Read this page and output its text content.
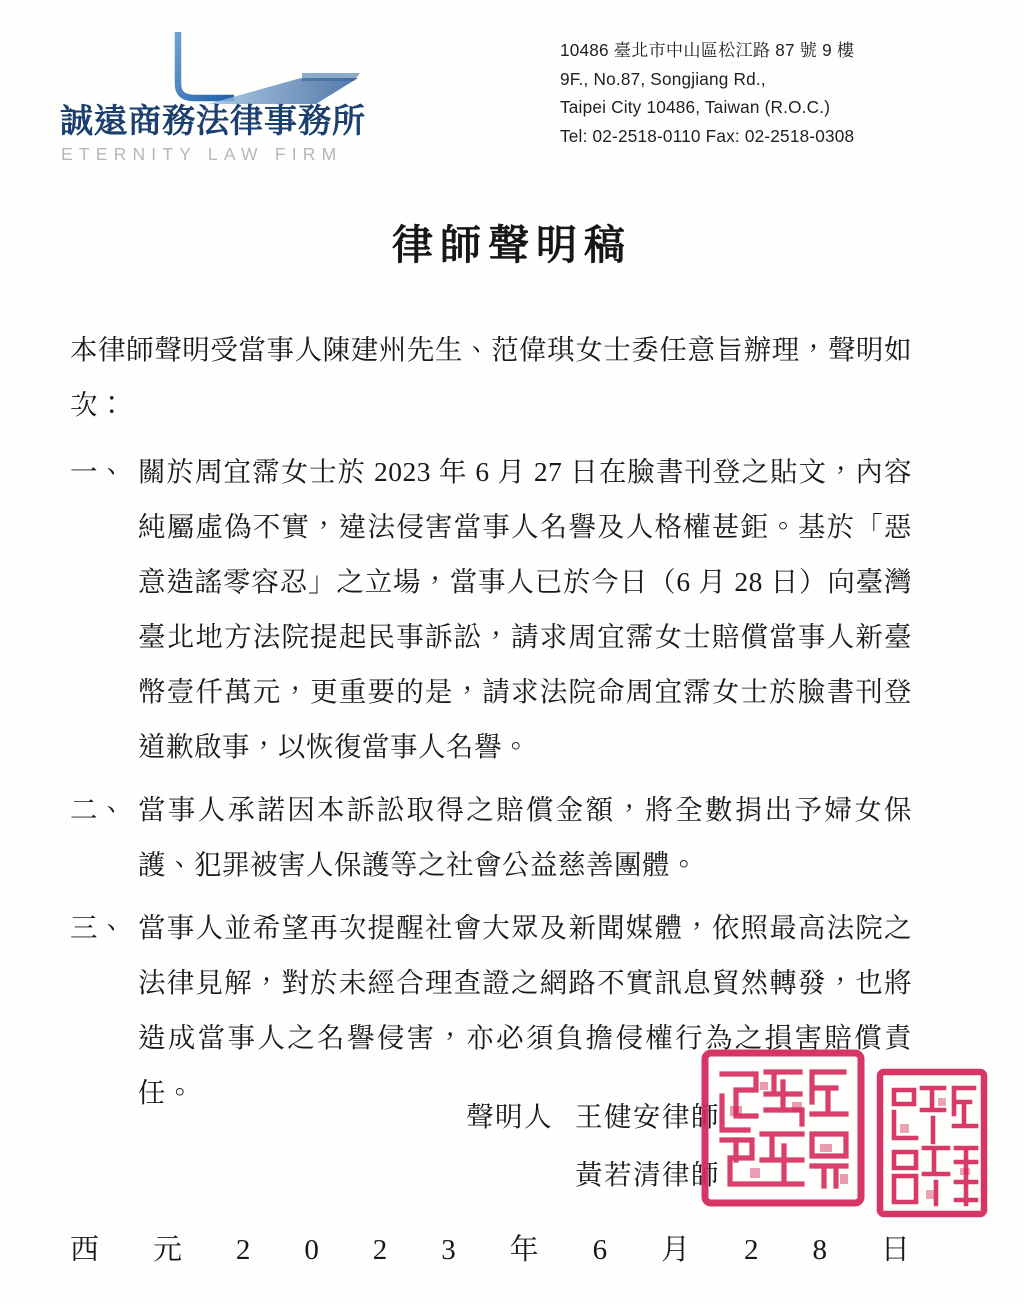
誠遠商務法律事務所
ETERNITY LAW FIRM
10486 臺北市中山區松江路 87 號 9 樓
9F., No.87, Songjiang Rd.,
Taipei City 10486, Taiwan (R.O.C.)
Tel: 02-2518-0110 Fax: 02-2518-0308
律師聲明稿

本律師聲明受當事人陳建州先生、范偉琪女士委任意旨辦理，聲明如次：

一、 關於周宜霈女士於 2023 年 6 月 27 日在臉書刊登之貼文，內容純屬虛偽不實，違法侵害當事人名譽及人格權甚鉅。基於「惡意造謠零容忍」之立場，當事人已於今日（6 月 28 日）向臺灣臺北地方法院提起民事訴訟，請求周宜霈女士賠償當事人新臺幣壹仟萬元，更重要的是，請求法院命周宜霈女士於臉書刊登道歉啟事，以恢復當事人名譽。
二、 當事人承諾因本訴訟取得之賠償金額，將全數捐出予婦女保護、犯罪被害人保護等之社會公益慈善團體。
三、 當事人並希望再次提醒社會大眾及新聞媒體，依照最高法院之法律見解，對於未經合理查證之網路不實訊息貿然轉發，也將造成當事人之名譽侵害，亦必須負擔侵權行為之損害賠償責任。
聲明人 王健安律師
黃若清律師
西 元 2 0 2 3 年 6 月 2 8 日
